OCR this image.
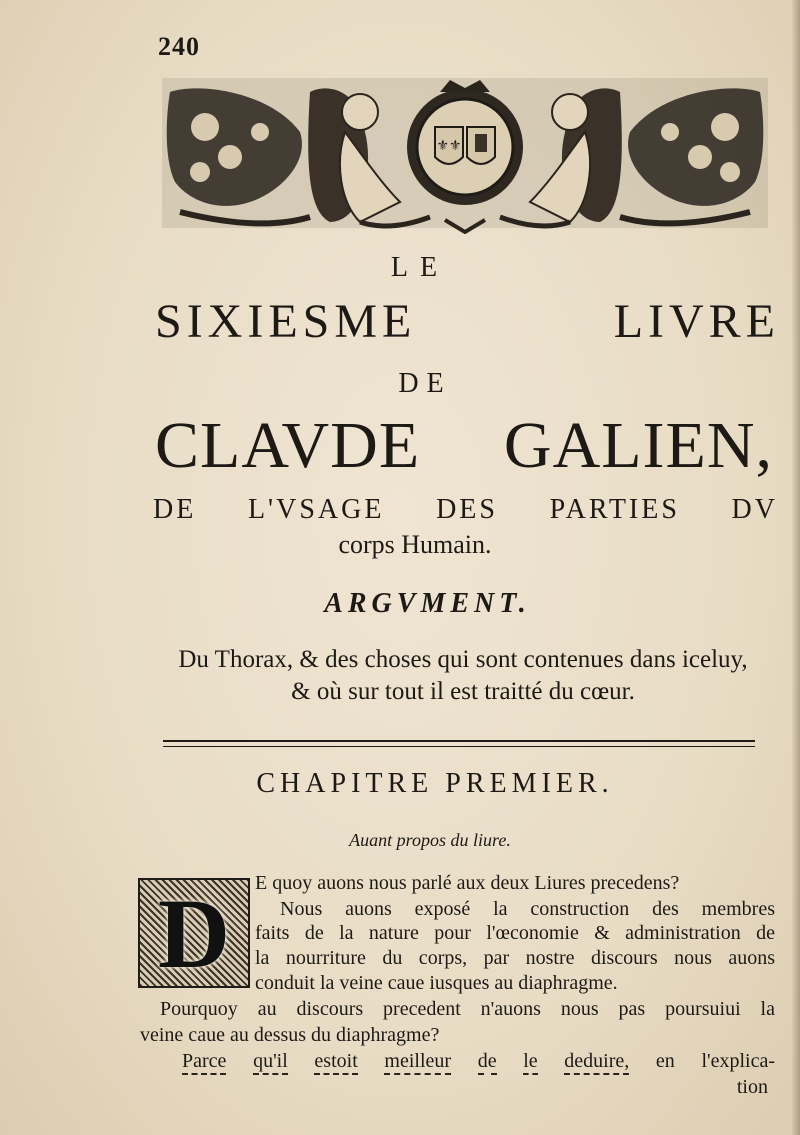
240
⚜⚜
LE
SIXIESME LIVRE
DE
CLAVDE GALIEN,
DE L'VSAGE DES PARTIES DV
corps Humain.
ARGVMENT.
Du Thorax, & des choses qui sont contenues dans iceluy,
& où sur tout il est traitté du cœur.
CHAPITRE PREMIER.
Auant propos du liure.
D	E quoy auons nous parlé aux deux Liures precedens?
Nous auons exposé la construction des membres
faits de la nature pour l'œconomie & administration de
la nourriture du corps, par nostre discours nous auons
conduit la veine caue iusques au diaphragme.
Pourquoy au discours precedent n'auons nous pas poursuiui la
veine caue au dessus du diaphragme?
Parce qu'il estoit meilleur de le deduire, en l'explica-
tion
